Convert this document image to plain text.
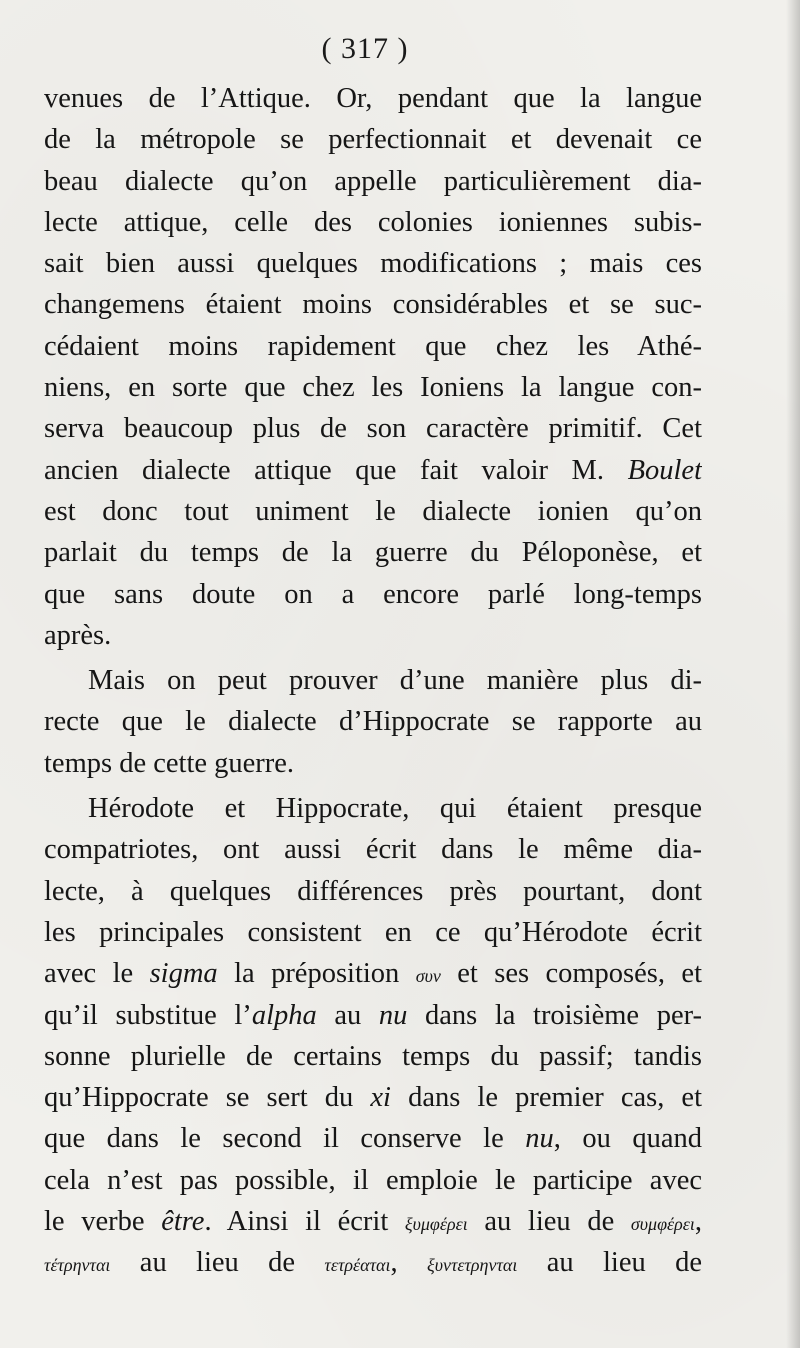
( 317 )
venues de l’Attique. Or, pendant que la langue
de la métropole se perfectionnait et devenait ce
beau dialecte qu’on appelle particulièrement dia-
lecte attique, celle des colonies ioniennes subis-
sait bien aussi quelques modifications ; mais ces
changemens étaient moins considérables et se suc-
cédaient moins rapidement que chez les Athé-
niens, en sorte que chez les Ioniens la langue con-
serva beaucoup plus de son caractère primitif. Cet
ancien dialecte attique que fait valoir M. Boulet
est donc tout uniment le dialecte ionien qu’on
parlait du temps de la guerre du Péloponèse, et
que sans doute on a encore parlé long-temps
après.
Mais on peut prouver d’une manière plus di-
recte que le dialecte d’Hippocrate se rapporte au
temps de cette guerre.
Hérodote et Hippocrate, qui étaient presque
compatriotes, ont aussi écrit dans le même dia-
lecte, à quelques différences près pourtant, dont
les principales consistent en ce qu’Hérodote écrit
avec le sigma la préposition συν et ses composés, et
qu’il substitue l’alpha au nu dans la troisième per-
sonne plurielle de certains temps du passif; tandis
qu’Hippocrate se sert du xi dans le premier cas, et
que dans le second il conserve le nu, ou quand
cela n’est pas possible, il emploie le participe avec
le verbe être. Ainsi il écrit ξυμφέρει au lieu de συμφέρει,
τέτρηνται au lieu de τετρέαται, ξυντετρηνται au lieu de
